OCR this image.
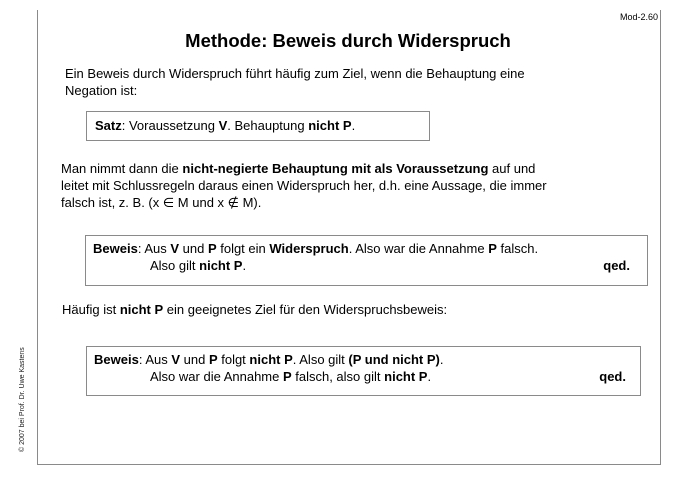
Mod-2.60
© 2007 bei Prof. Dr. Uwe Kastens
Methode: Beweis durch Widerspruch
Ein Beweis durch Widerspruch führt häufig zum Ziel, wenn die Behauptung eine
Negation ist:
Satz: Voraussetzung V. Behauptung nicht P.
Man nimmt dann die nicht-negierte Behauptung mit als Voraussetzung auf und
leitet mit Schlussregeln daraus einen Widerspruch her, d.h. eine Aussage, die immer
falsch ist, z. B. (x ∈ M und x ∉ M).
Beweis: Aus V und P folgt ein Widerspruch. Also war die Annahme P falsch.
Also gilt nicht P.	qed.
Häufig ist nicht P ein geeignetes Ziel für den Widerspruchsbeweis:
Beweis: Aus V und P folgt nicht P. Also gilt (P und nicht P).
Also war die Annahme P falsch, also gilt nicht P.	qed.
